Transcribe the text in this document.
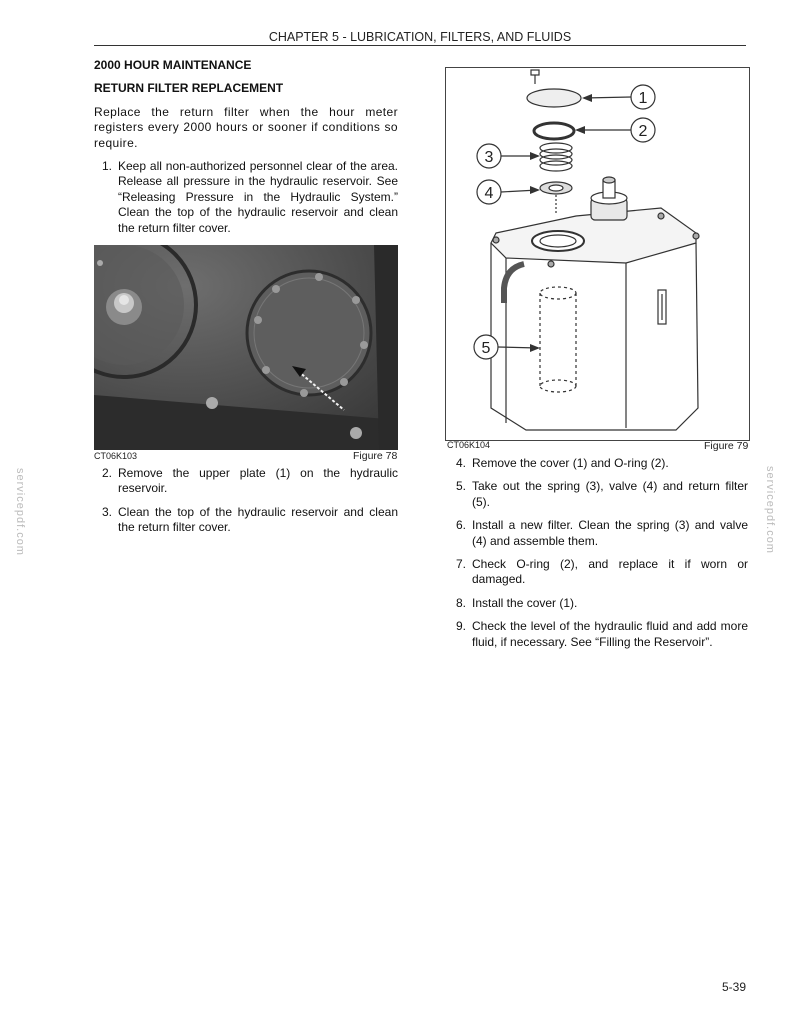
CHAPTER 5 - LUBRICATION, FILTERS, AND FLUIDS
2000 HOUR MAINTENANCE
RETURN FILTER REPLACEMENT

Replace the return filter when the hour meter registers every 2000 hours or sooner if conditions so require.

1. Keep all non-authorized personnel clear of the area. Release all pressure in the hydraulic reservoir. See “Releasing Pressure in the Hydraulic System.” Clean the top of the hydraulic reservoir and clean the return filter cover.
CT06K103	Figure 78
2. Remove the upper plate (1) on the hydraulic reservoir.
3. Clean the top of the hydraulic reservoir and clean the return filter cover.
1
2
3
4
5
CT06K104	Figure 79
4. Remove the cover (1) and O-ring (2).
5. Take out the spring (3), valve (4) and return filter (5).
6. Install a new filter. Clean the spring (3) and valve (4) and assemble them.
7. Check O-ring (2), and replace it if worn or damaged.
8. Install the cover (1).
9. Check the level of the hydraulic fluid and add more fluid, if necessary. See “Filling the Reservoir”.
servicepdf.com	servicepdf.com
5-39
